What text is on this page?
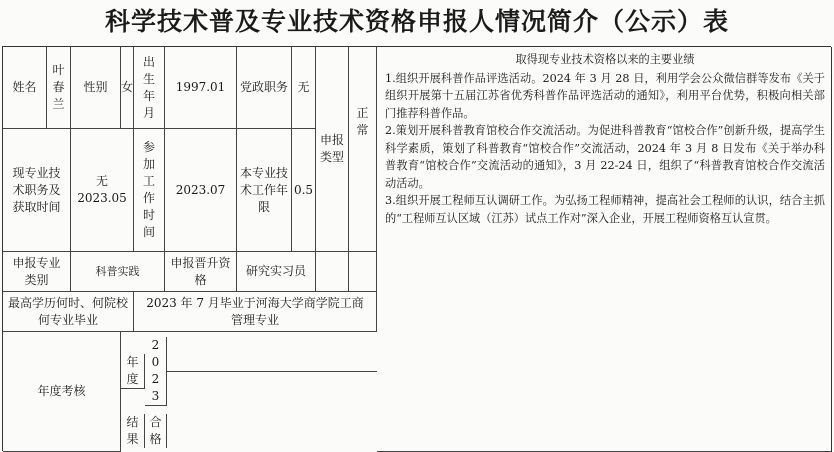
科学技术普及专业技术资格申报人情况简介（公示）表
姓名
叶春兰
性别	女
出生年月
1997.01	党政职务 无
申报类型
正常
取得现专业技术资格以来的主要业绩

1.组织开展科普作品评选活动。2024 年 3 月 28 日，利用学会公众微信群等发布《关于组织开展第十五届江苏省优秀科普作品评选活动的通知》，利用平台优势，积极向相关部门推荐科普作品。

2.策划开展科普教育馆校合作交流活动。为促进科普教育“馆校合作”创新升级，提高学生科学素质，策划了科普教育“馆校合作”交流活动，2024 年 3 月 8 日发布《关于举办科普教育“馆校合作”交流活动的通知》，3 月 22-24 日，组织了“科普教育馆校合作交流活动活动。

3.组织开展工程师互认调研工作。为弘扬工程师精神，提高社会工程师的认识，结合主抓的“工程师互认区域（江苏）试点工作对”深入企业，开展工程师资格互认宣贯。

现专业技术职务及获取时间
无
2023.05
参加工作时间
2023.07
本专业技术工作年限
0.5
申报专业类别
科普实践
申报晋升资格
研究实习员
最高学历何时、何院校何专业毕业
2023 年 7 月毕业于河海大学商学院工商管理专业
年度考核
年度
2023
结果
合格
